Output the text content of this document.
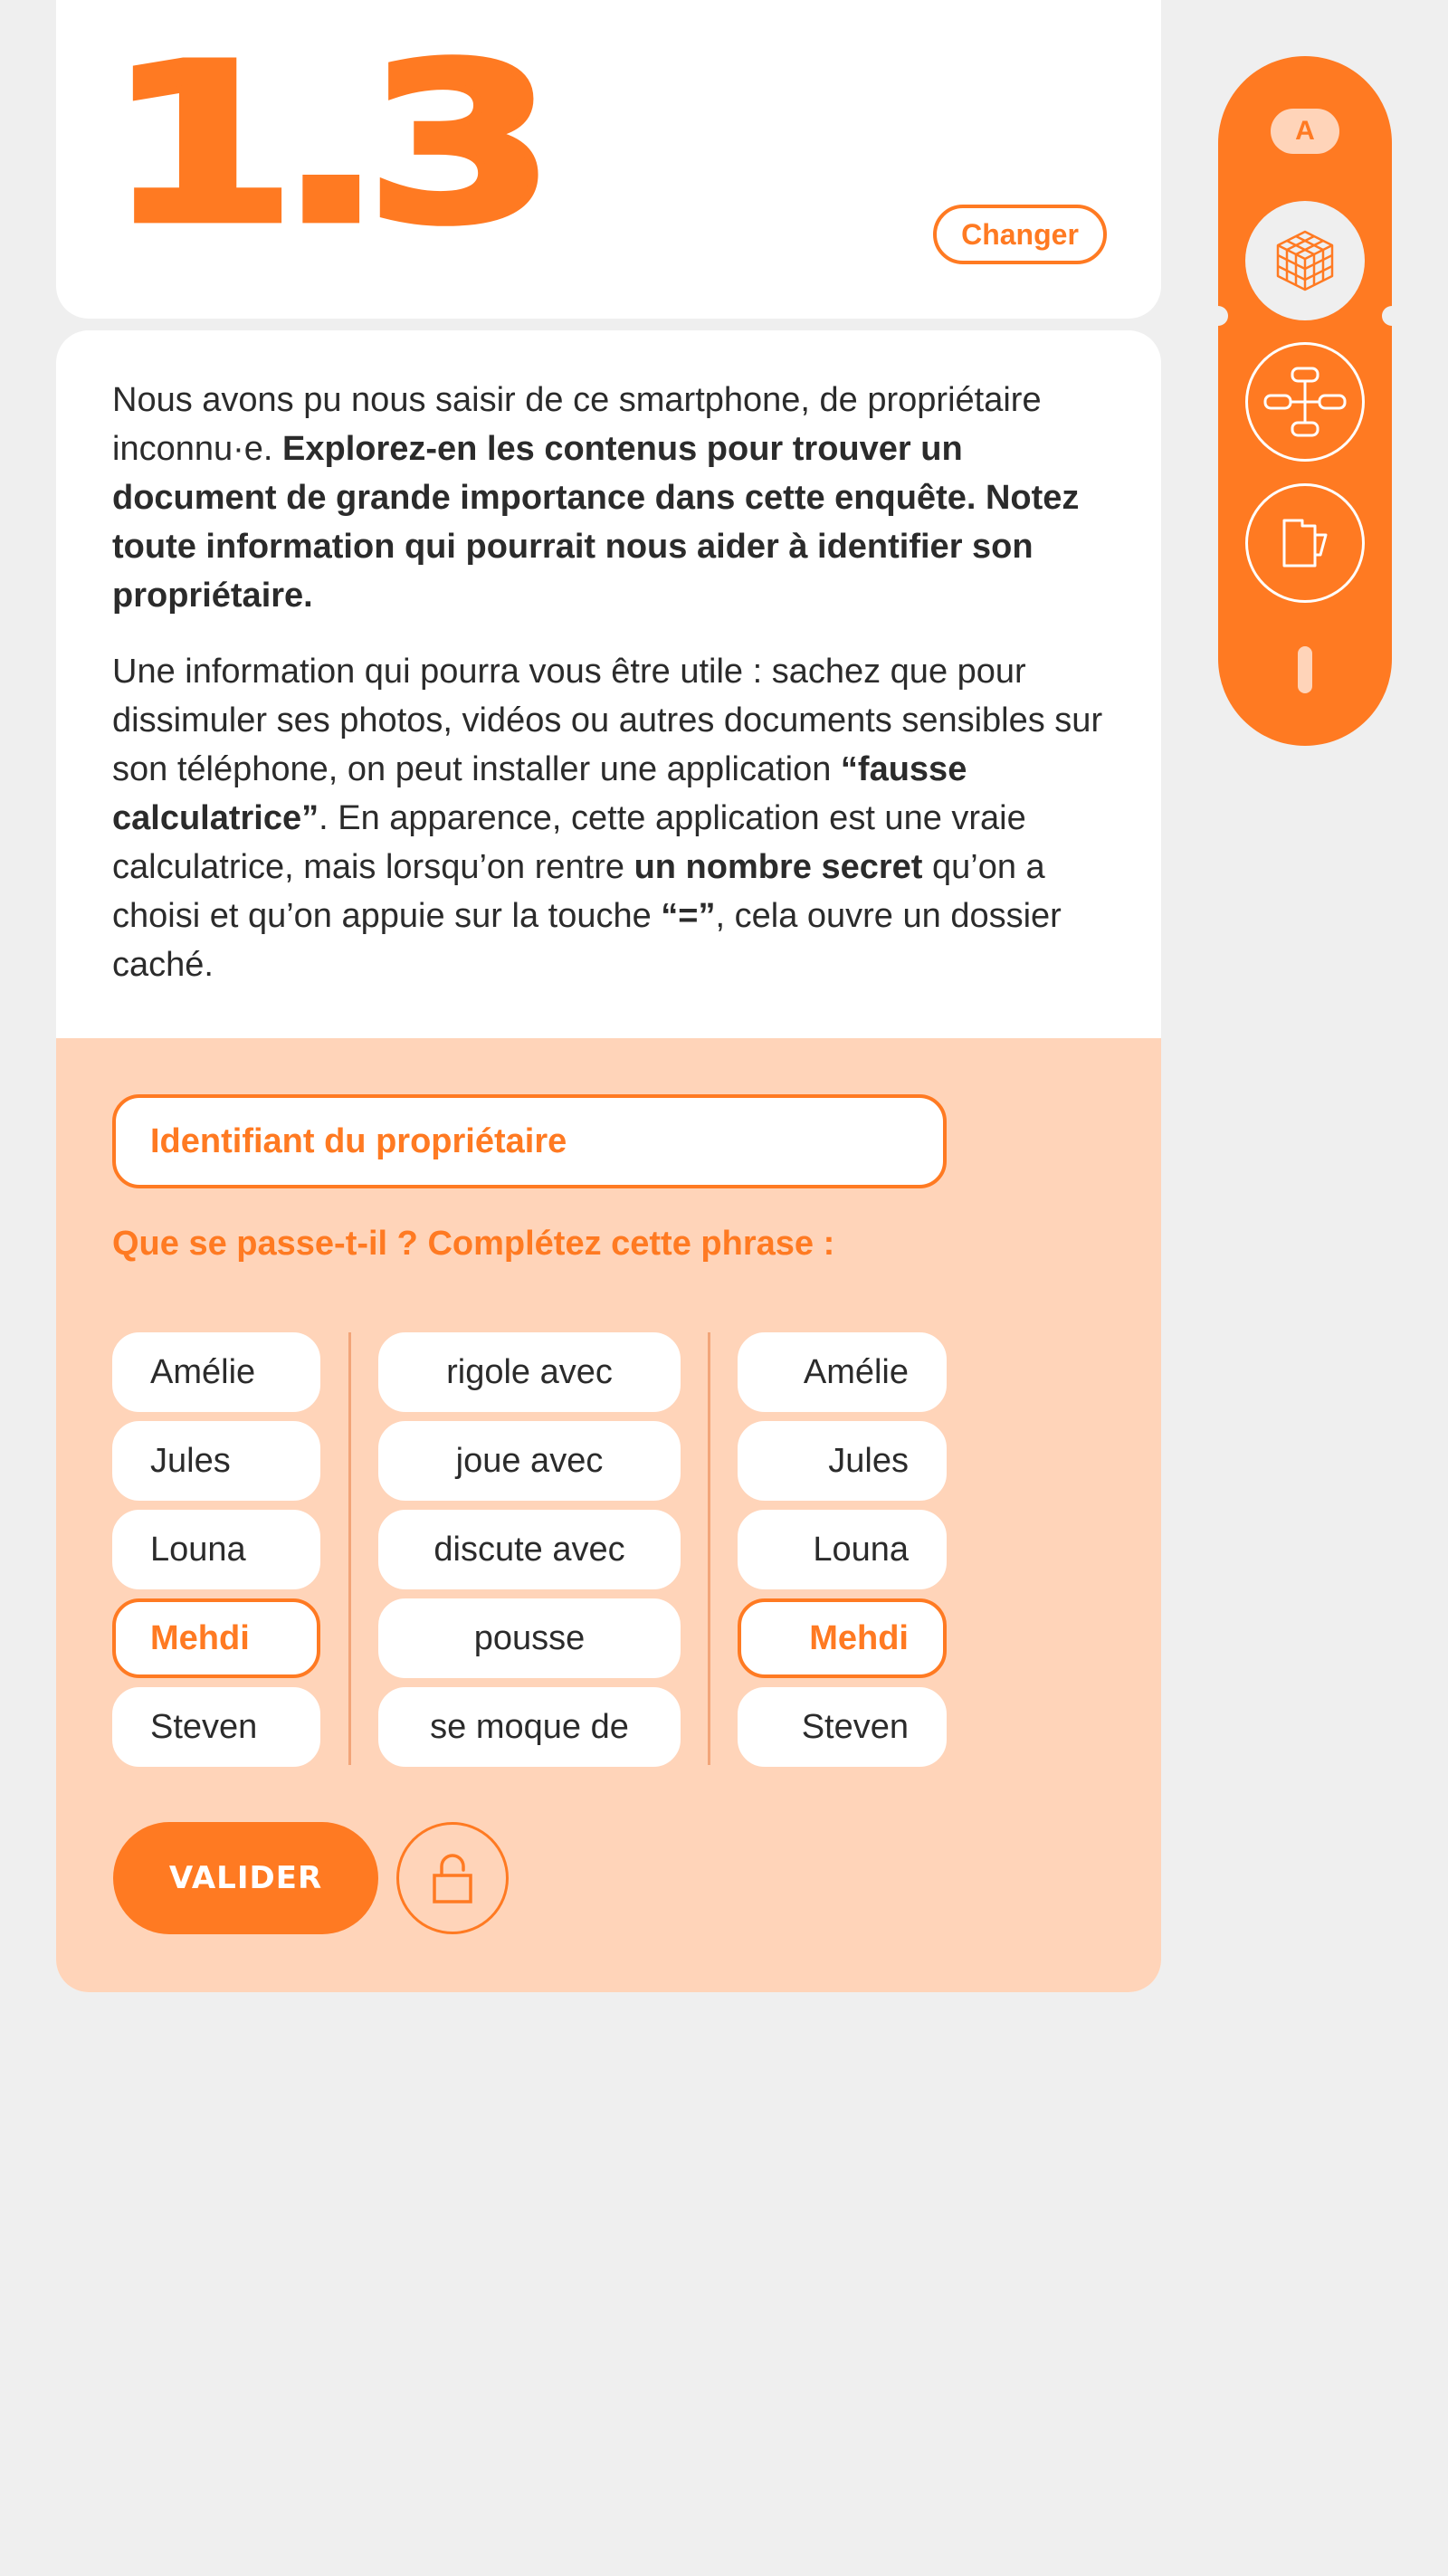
1.3	Changer

Nous avons pu nous saisir de ce smartphone, de propriétaire inconnu·e. Explorez-en les contenus pour trouver un document de grande importance dans cette enquête. Notez toute information qui pourrait nous aider à identifier son propriétaire.

Une information qui pourra vous être utile : sachez que pour dissimuler ses photos, vidéos ou autres documents sensibles sur son téléphone, on peut installer une application “fausse calculatrice”. En apparence, cette application est une vraie calculatrice, mais lorsqu’on rentre un nombre secret qu’on a choisi et qu’on appuie sur la touche “=”, cela ouvre un dossier caché.

Identifiant du propriétaire
Que se passe-t-il ? Complétez cette phrase :
Amélie
Jules
Louna
Mehdi
Steven
rigole avec
joue avec
discute avec
pousse
se moque de
Amélie
Jules
Louna
Mehdi
Steven
VALIDER
A
